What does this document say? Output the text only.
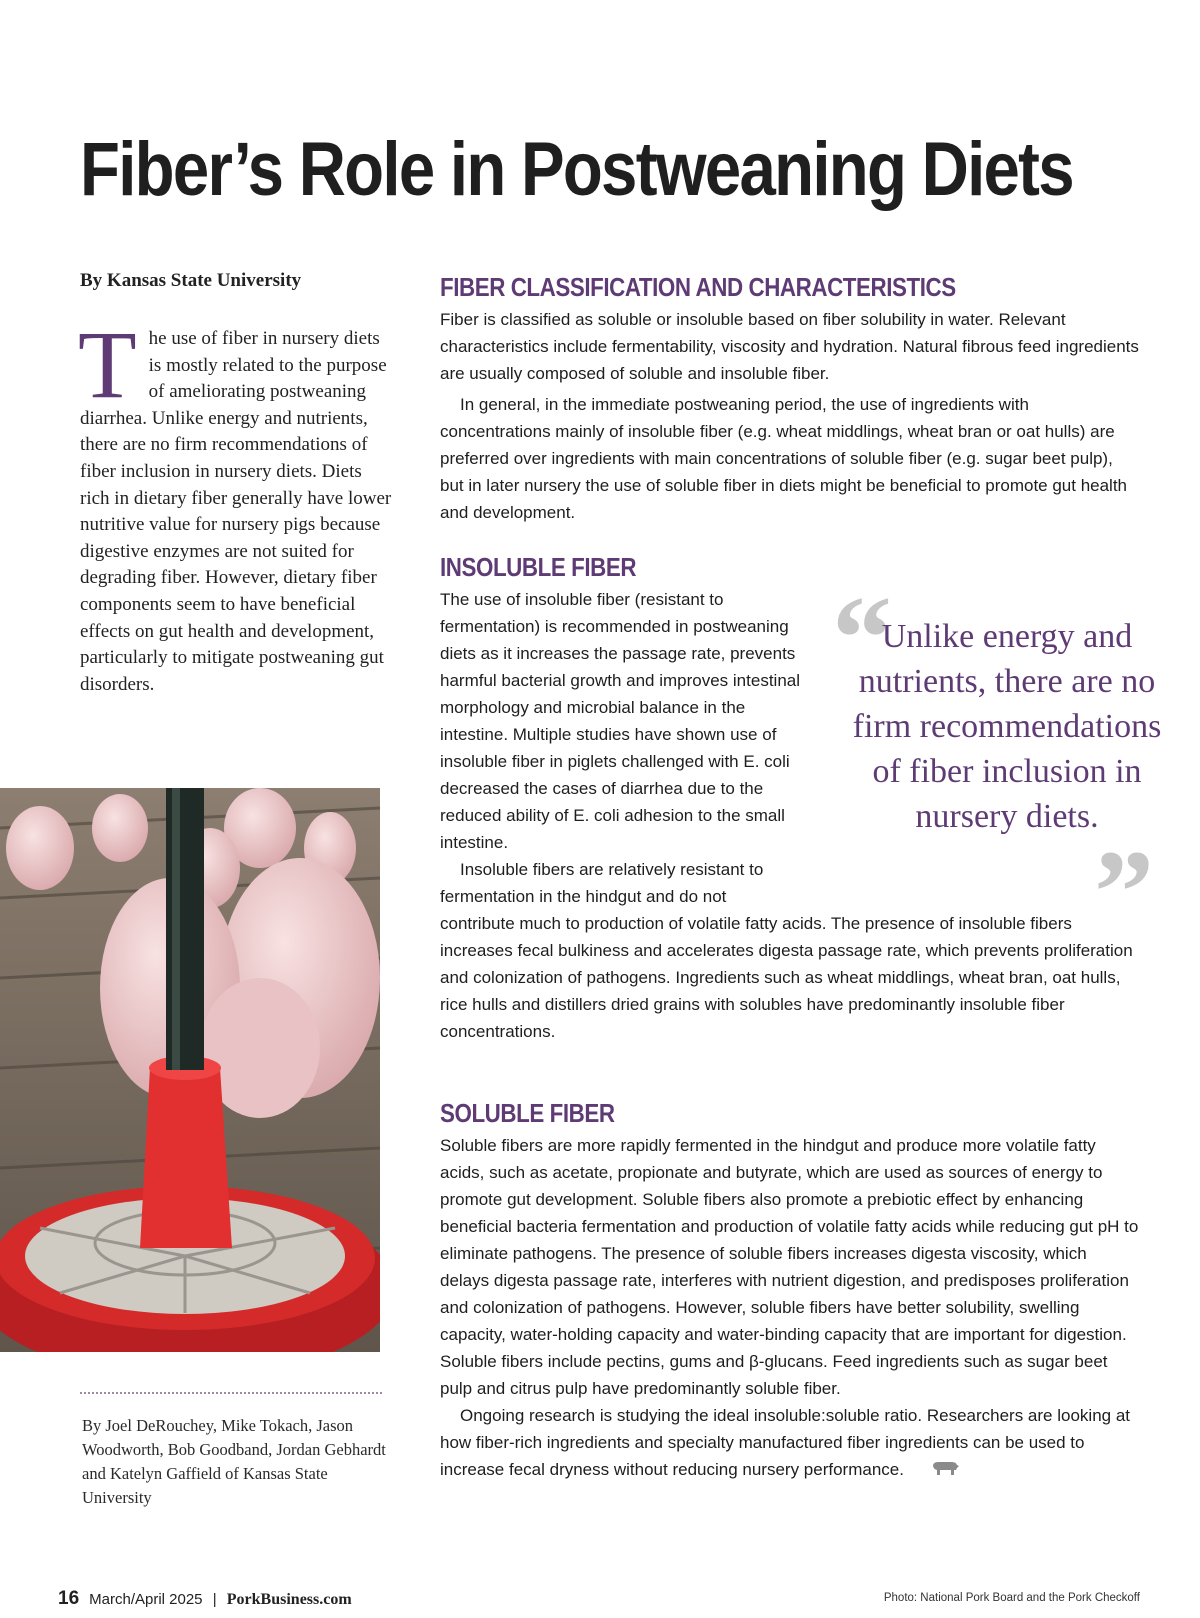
Fiber’s Role in Postweaning Diets
By Kansas State University
The use of fiber in nursery diets is mostly related to the purpose of ameliorating postweaning diarrhea. Unlike energy and nutrients, there are no firm recommendations of fiber inclusion in nursery diets. Diets rich in dietary fiber generally have lower nutritive value for nursery pigs because digestive enzymes are not suited for degrading fiber. However, dietary fiber components seem to have beneficial effects on gut health and development, particularly to mitigate postweaning gut disorders.
By Joel DeRouchey, Mike Tokach, Jason Woodworth, Bob Goodband, Jordan Gebhardt and Katelyn Gaffield of Kansas State University
FIBER CLASSIFICATION AND CHARACTERISTICS

Fiber is classified as soluble or insoluble based on fiber solubility in water. Relevant characteristics include fermentability, viscosity and hydration. Natural fibrous feed ingredients are usually composed of soluble and insoluble fiber.

In general, in the immediate postweaning period, the use of ingredients with concentrations mainly of insoluble fiber (e.g. wheat middlings, wheat bran or oat hulls) are preferred over ingredients with main concentrations of soluble fiber (e.g. sugar beet pulp), but in later nursery the use of soluble fiber in diets might be beneficial to promote gut health and development.

INSOLUBLE FIBER

The use of insoluble fiber (resistant to fermentation) is recommended in postweaning diets as it increases the passage rate, prevents harmful bacterial growth and improves intestinal morphology and microbial balance in the intestine. Multiple studies have shown use of insoluble fiber in piglets challenged with E. coli decreased the cases of diarrhea due to the reduced ability of E. coli adhesion to the small intestine.

Insoluble fibers are relatively resistant to fermentation in the hindgut and do not

contribute much to production of volatile fatty acids. The presence of insoluble fibers increases fecal bulkiness and accelerates digesta passage rate, which prevents proliferation and colonization of pathogens. Ingredients such as wheat middlings, wheat bran, oat hulls, rice hulls and distillers dried grains with solubles have predominantly insoluble fiber concentrations.

“
Unlike energy and nutrients, there are no firm recommendations of fiber inclusion in nursery diets.
”
SOLUBLE FIBER

Soluble fibers are more rapidly fermented in the hindgut and produce more volatile fatty acids, such as acetate, propionate and butyrate, which are used as sources of energy to promote gut development. Soluble fibers also promote a prebiotic effect by enhancing beneficial bacteria fermentation and production of volatile fatty acids while reducing gut pH to eliminate pathogens. The presence of soluble fibers increases digesta viscosity, which delays digesta passage rate, interferes with nutrient digestion, and predisposes proliferation and colonization of pathogens. However, soluble fibers have better solubility, swelling capacity, water-holding capacity and water-binding capacity that are important for digestion. Soluble fibers include pectins, gums and β-glucans. Feed ingredients such as sugar beet pulp and citrus pulp have predominantly soluble fiber.

Ongoing research is studying the ideal insoluble:soluble ratio. Researchers are looking at how fiber-rich ingredients and specialty manufactured fiber ingredients can be used to increase fecal dryness without reducing nursery performance.

16 March/April 2025 | PorkBusiness.com	Photo: National Pork Board and the Pork Checkoff
